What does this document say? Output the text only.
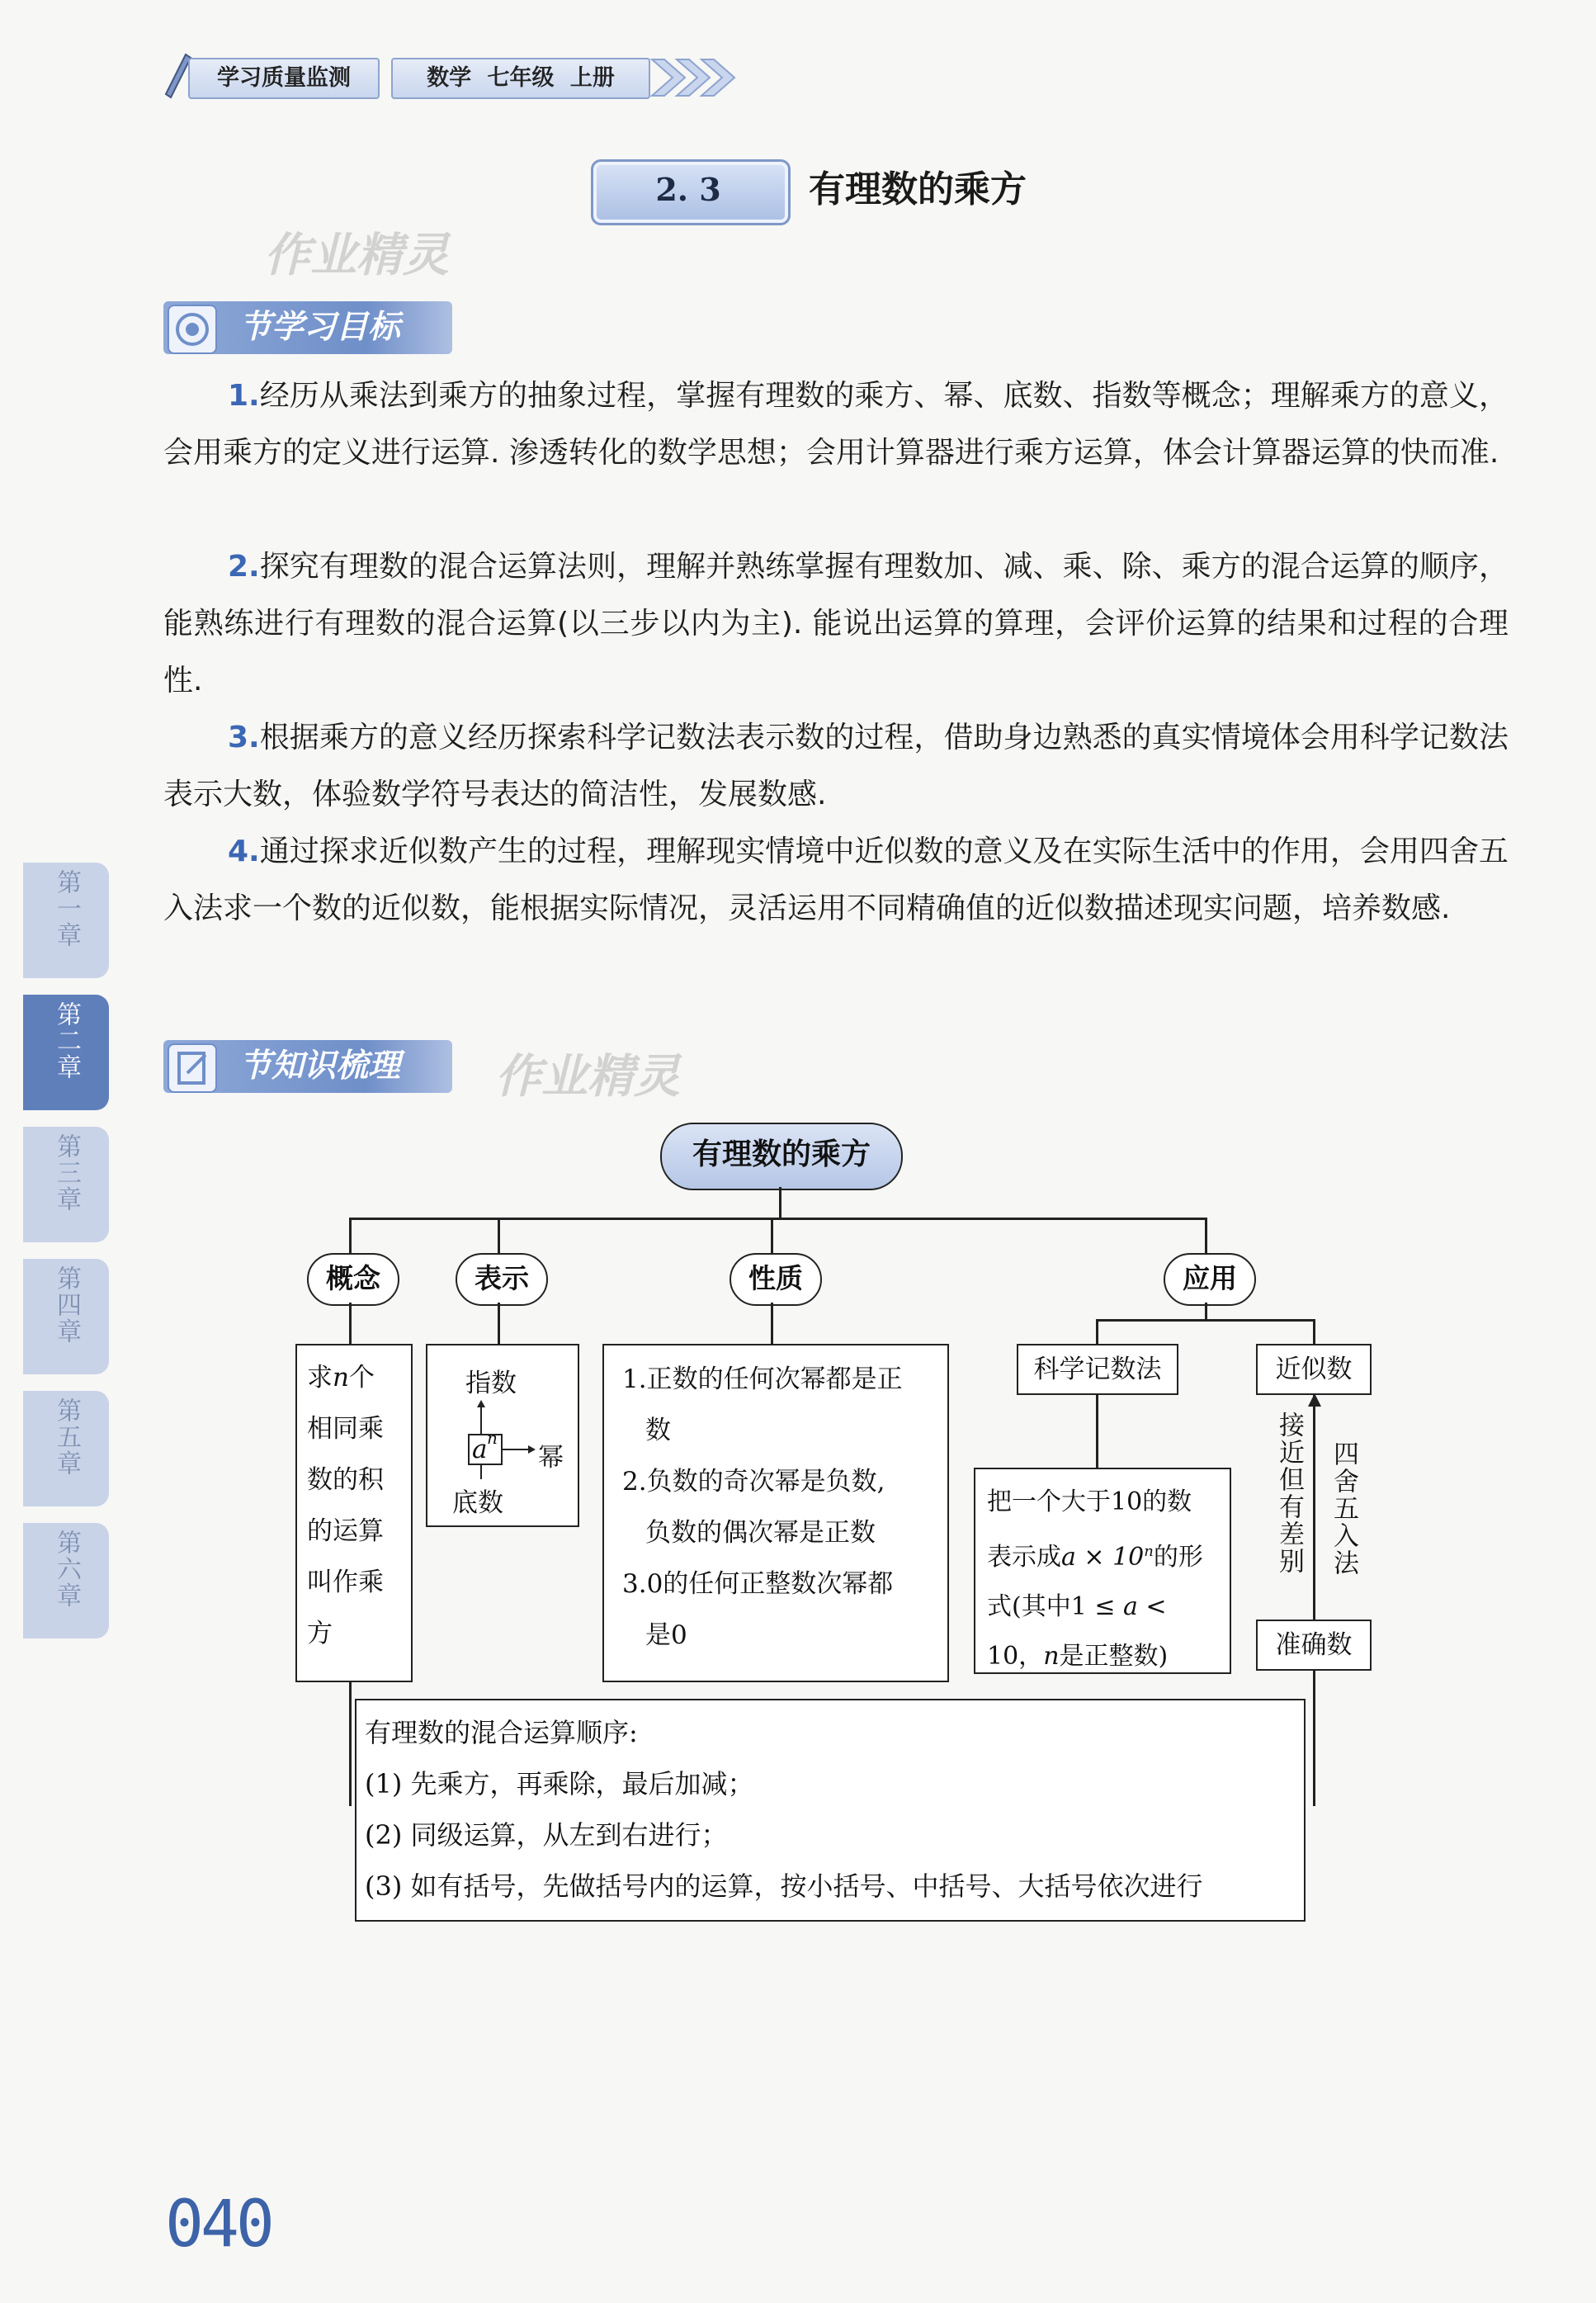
学习质量监测	数学 七年级 上册
2. 3	有理数的乘方
作业精灵
节学习目标
1.经历从乘法到乘方的抽象过程，掌握有理数的乘方、幂、底数、指数等概念；理解乘方的意义，会用乘方的定义进行运算. 渗透转化的数学思想；会用计算器进行乘方运算，体会计算器运算的快而准.
2.探究有理数的混合运算法则，理解并熟练掌握有理数加、减、乘、除、乘方的混合运算的顺序，能熟练进行有理数的混合运算(以三步以内为主). 能说出运算的算理，会评价运算的结果和过程的合理性.
3.根据乘方的意义经历探索科学记数法表示数的过程，借助身边熟悉的真实情境体会用科学记数法表示大数，体验数学符号表达的简洁性，发展数感.
4.通过探求近似数产生的过程，理解现实情境中近似数的意义及在实际生活中的作用，会用四舍五入法求一个数的近似数，能根据实际情况，灵活运用不同精确值的近似数描述现实问题，培养数感.
第一章
第二章
第三章
第四章
第五章
第六章
节知识梳理 作业精灵
有理数的乘方
概念	表示	性质	应用
求n个
相同乘
数的积
的运算
叫作乘
方
指数
a n
幂
底数
1.正数的任何次幂都是正
数
2.负数的奇次幂是负数,
负数的偶次幂是正数
3.0的任何正整数次幂都
是0
科学记数法
把一个大于10的数
表示成$a \times 10^n$的形
式(其中1 ≤ a <
10，n是正整数)
近似数
准确数
接近但有差别 四舍五入法
有理数的混合运算顺序:
(1) 先乘方，再乘除，最后加减；
(2) 同级运算，从左到右进行；
(3) 如有括号，先做括号内的运算，按小括号、中括号、大括号依次进行
040
